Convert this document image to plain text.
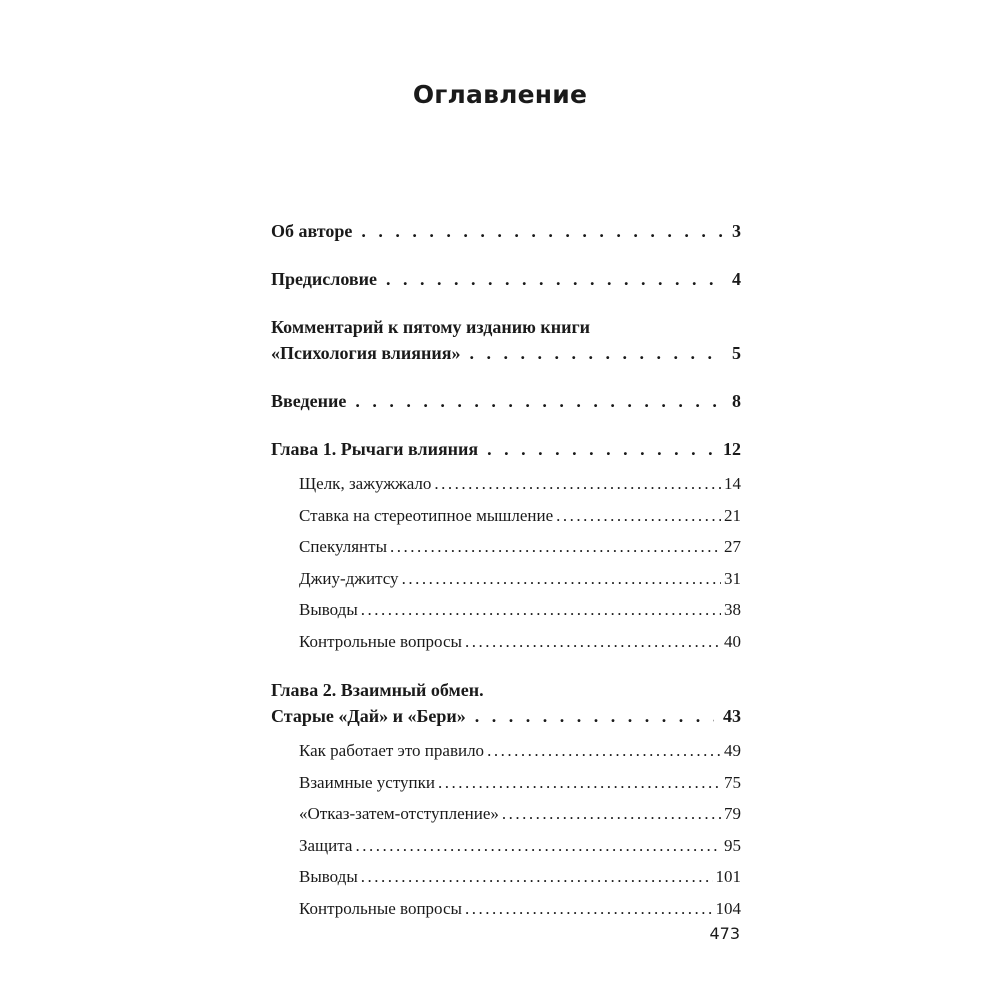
Оглавление
Об авторе . . .	3
Предисловие . . .	4
Комментарий к пятому изданию книги
«Психология влияния» . . .	5
Введение . . .	8
Глава 1. Рычаги влияния . . .	12
Щелк, зажужжало .....	14
Ставка на стереотипное мышление .....	21
Спекулянты .....	27
Джиу-джитсу .....	31
Выводы .....	38
Контрольные вопросы .....	40
Глава 2. Взаимный обмен.
Старые «Дай» и «Бери» . . .	43
Как работает это правило .....	49
Взаимные уступки .....	75
«Отказ-затем-отступление» .....	79
Защита .....	95
Выводы .....	101
Контрольные вопросы .....	104
473
